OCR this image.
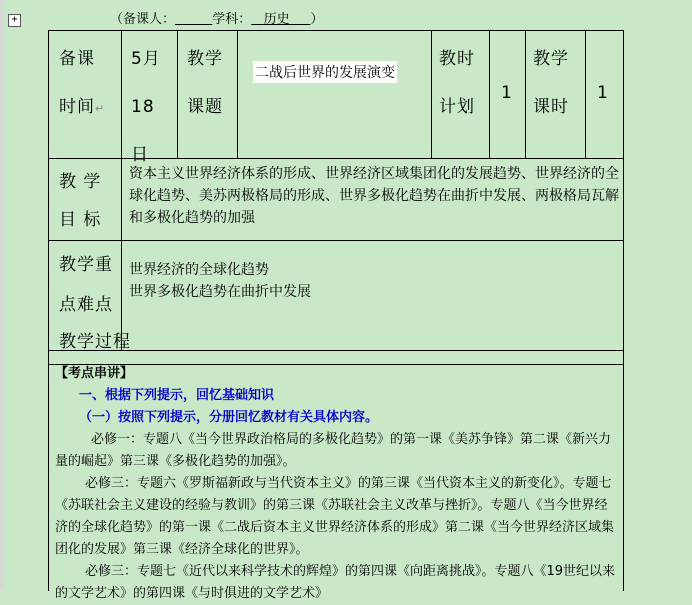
+	（备课人：	学科： 历史 ）
备课
时间↵
5月
18
日
教学
课题
二战后世界的发展演变
教时
计划
1
教学
课时
1
教 学
目 标
资本主义世界经济体系的形成、世界经济区域集团化的发展趋势、世界经济的全球化趋势、美苏两极格局的形成、世界多极化趋势在曲折中发展、两极格局瓦解和多极化趋势的加强
教学重
点难点
世界经济的全球化趋势
世界多极化趋势在曲折中发展
教学过程
【考点串讲】
一、根据下列提示，回忆基础知识
（一）按照下列提示，分册回忆教材有关具体内容。
必修一：专题八《当今世界政治格局的多极化趋势》的第一课《美苏争锋》第二课《新兴力量的崛起》第三课《多极化趋势的加强》。
必修三：专题六《罗斯福新政与当代资本主义》的第三课《当代资本主义的新变化》。专题七《苏联社会主义建设的经验与教训》的第三课《苏联社会主义改革与挫折》。专题八《当今世界经济的全球化趋势》的第一课《二战后资本主义世界经济体系的形成》第二课《当今世界经济区域集团化的发展》第三课《经济全球化的世界》。
必修三：专题七《近代以来科学技术的辉煌》的第四课《向距离挑战》。专题八《19世纪以来的文学艺术》的第四课《与时俱进的文学艺术》
